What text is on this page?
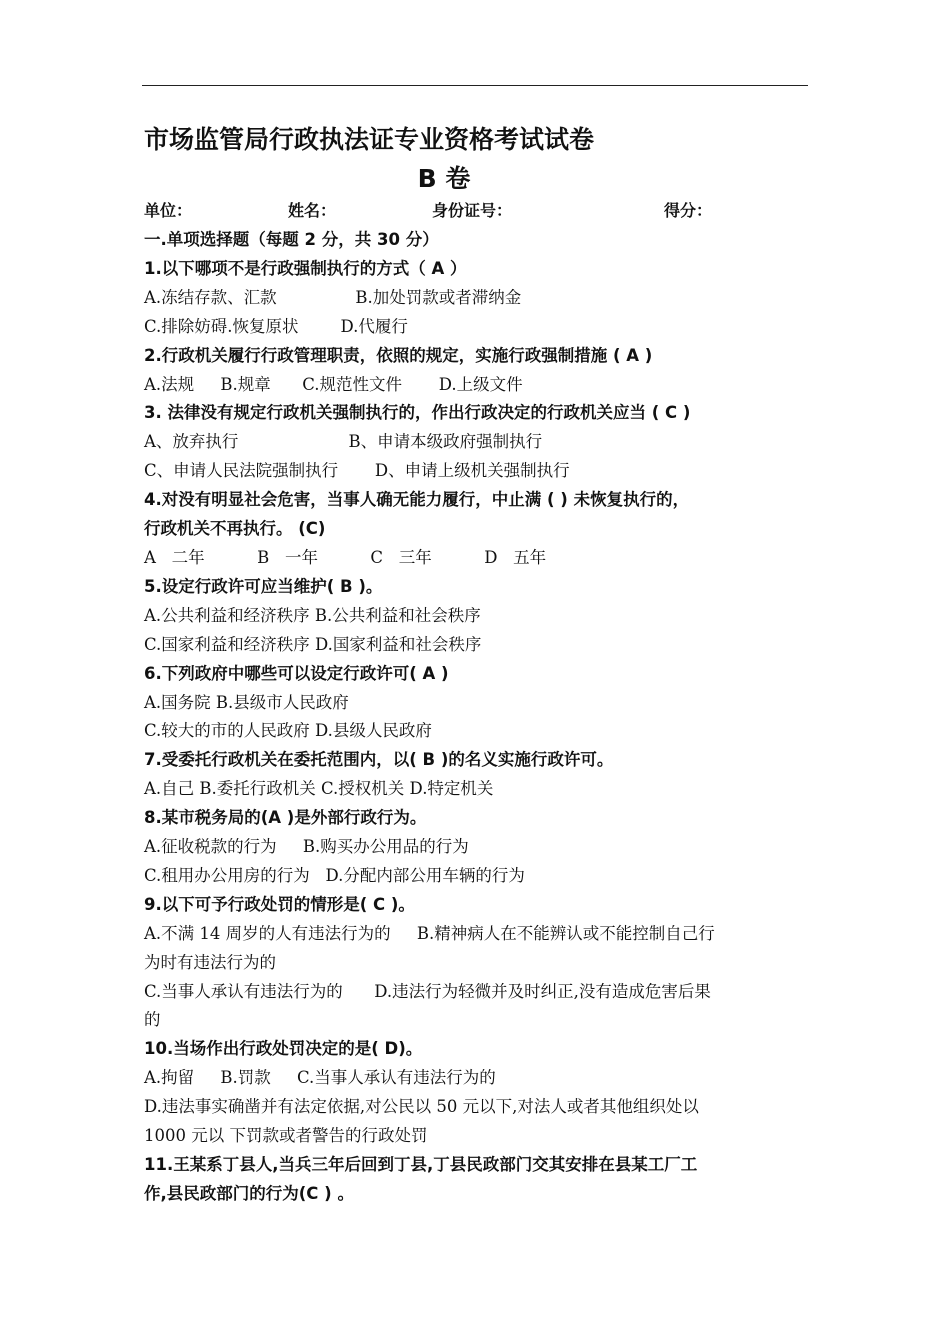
市场监管局行政执法证专业资格考试试卷
B 卷
单位：	姓名：	身份证号：	得分：
一.单项选择题（每题 2 分，共 30 分）
1.以下哪项不是行政强制执行的方式（ A ）
A.冻结存款、汇款               B.加处罚款或者滞纳金
C.排除妨碍.恢复原状        D.代履行
2.行政机关履行行政管理职责，依照的规定，实施行政强制措施 ( A )
A.法规     B.规章      C.规范性文件       D.上级文件
3. 法律没有规定行政机关强制执行的，作出行政决定的行政机关应当 ( C )
A、放弃执行                     B、申请本级政府强制执行
C、申请人民法院强制执行       D、申请上级机关强制执行
4.对没有明显社会危害，当事人确无能力履行，中止满 ( ) 未恢复执行的，
行政机关不再执行。 (C)
A   二年          B   一年          C   三年          D   五年
5.设定行政许可应当维护( B )。
A.公共利益和经济秩序 B.公共利益和社会秩序
C.国家利益和经济秩序 D.国家利益和社会秩序
6.下列政府中哪些可以设定行政许可( A )
A.国务院 B.县级市人民政府
C.较大的市的人民政府 D.县级人民政府
7.受委托行政机关在委托范围内，以( B )的名义实施行政许可。
A.自己 B.委托行政机关 C.授权机关 D.特定机关
8.某市税务局的(A )是外部行政行为。
A.征收税款的行为     B.购买办公用品的行为
C.租用办公用房的行为   D.分配内部公用车辆的行为
9.以下可予行政处罚的情形是( C )。
A.不满 14 周岁的人有违法行为的     B.精神病人在不能辨认或不能控制自己行
为时有违法行为的
C.当事人承认有违法行为的      D.违法行为轻微并及时纠正,没有造成危害后果
的
10.当场作出行政处罚决定的是( D)。
A.拘留     B.罚款     C.当事人承认有违法行为的
D.违法事实确凿并有法定依据,对公民以 50 元以下,对法人或者其他组织处以
1000 元以 下罚款或者警告的行政处罚
11.王某系丁县人,当兵三年后回到丁县,丁县民政部门交其安排在县某工厂工
作,县民政部门的行为(C ) 。
